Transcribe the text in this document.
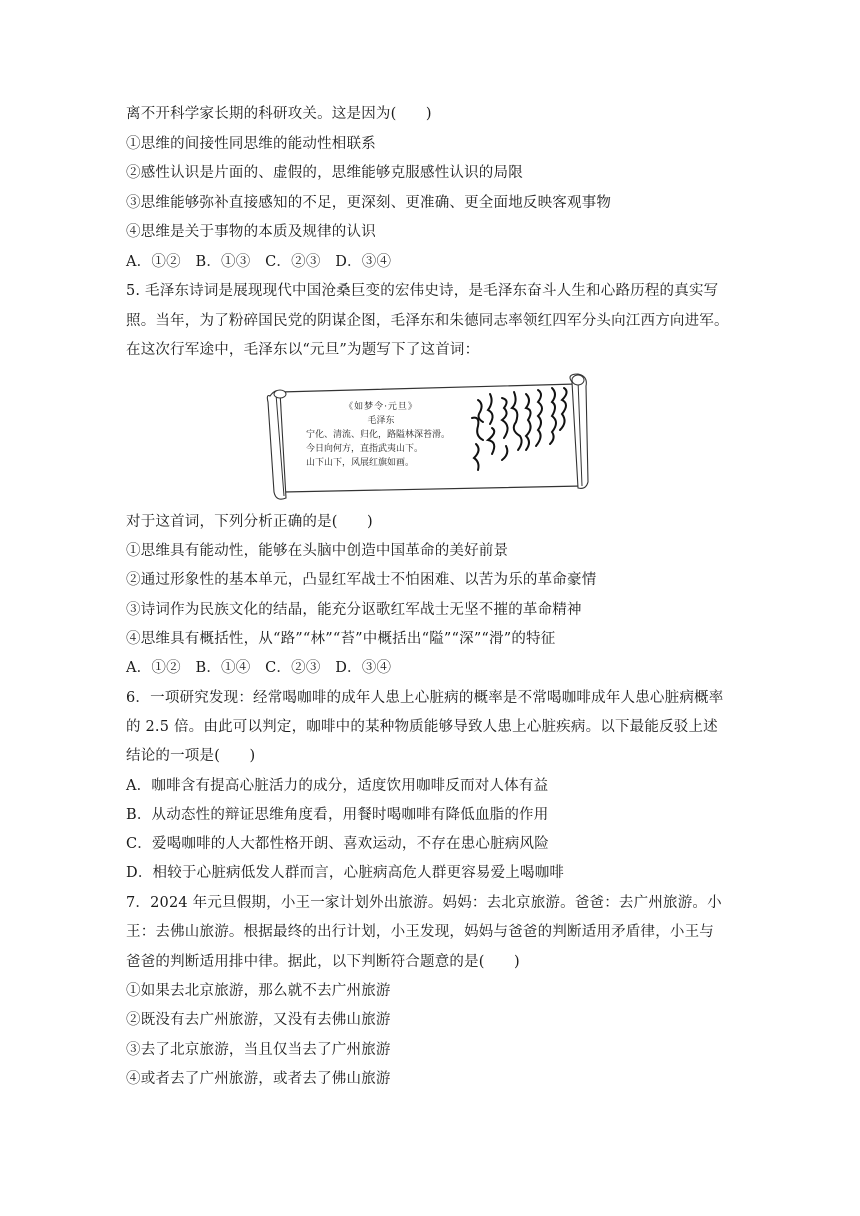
离不开科学家长期的科研攻关。这是因为(　　)
①思维的间接性同思维的能动性相联系
②感性认识是片面的、虚假的，思维能够克服感性认识的局限
③思维能够弥补直接感知的不足，更深刻、更准确、更全面地反映客观事物
④思维是关于事物的本质及规律的认识
A．①②　B．①③　C．②③　D．③④
5. 毛泽东诗词是展现现代中国沧桑巨变的宏伟史诗，是毛泽东奋斗人生和心路历程的真实写
照。当年，为了粉碎国民党的阴谋企图，毛泽东和朱德同志率领红四军分头向江西方向进军。
在这次行军途中，毛泽东以“元旦”为题写下了这首词：
《如梦令·元旦》
毛泽东
宁化、清流、归化，路隘林深苔滑。
今日向何方，直指武夷山下。
山下山下，风展红旗如画。
对于这首词，下列分析正确的是(　　)
①思维具有能动性，能够在头脑中创造中国革命的美好前景
②通过形象性的基本单元，凸显红军战士不怕困难、以苦为乐的革命豪情
③诗词作为民族文化的结晶，能充分讴歌红军战士无坚不摧的革命精神
④思维具有概括性，从“路”“林”“苔”中概括出“隘”“深”“滑”的特征
A．①②　B．①④　C．②③　D．③④
6．一项研究发现：经常喝咖啡的成年人患上心脏病的概率是不常喝咖啡成年人患心脏病概率
的 2.5 倍。由此可以判定，咖啡中的某种物质能够导致人患上心脏疾病。以下最能反驳上述
结论的一项是(　　)
A．咖啡含有提高心脏活力的成分，适度饮用咖啡反而对人体有益
B．从动态性的辩证思维角度看，用餐时喝咖啡有降低血脂的作用
C．爱喝咖啡的人大都性格开朗、喜欢运动，不存在患心脏病风险
D．相较于心脏病低发人群而言，心脏病高危人群更容易爱上喝咖啡
7．2024 年元旦假期，小王一家计划外出旅游。妈妈：去北京旅游。爸爸：去广州旅游。小
王：去佛山旅游。根据最终的出行计划，小王发现，妈妈与爸爸的判断适用矛盾律，小王与
爸爸的判断适用排中律。据此，以下判断符合题意的是(　　)
①如果去北京旅游，那么就不去广州旅游
②既没有去广州旅游，又没有去佛山旅游
③去了北京旅游，当且仅当去了广州旅游
④或者去了广州旅游，或者去了佛山旅游
